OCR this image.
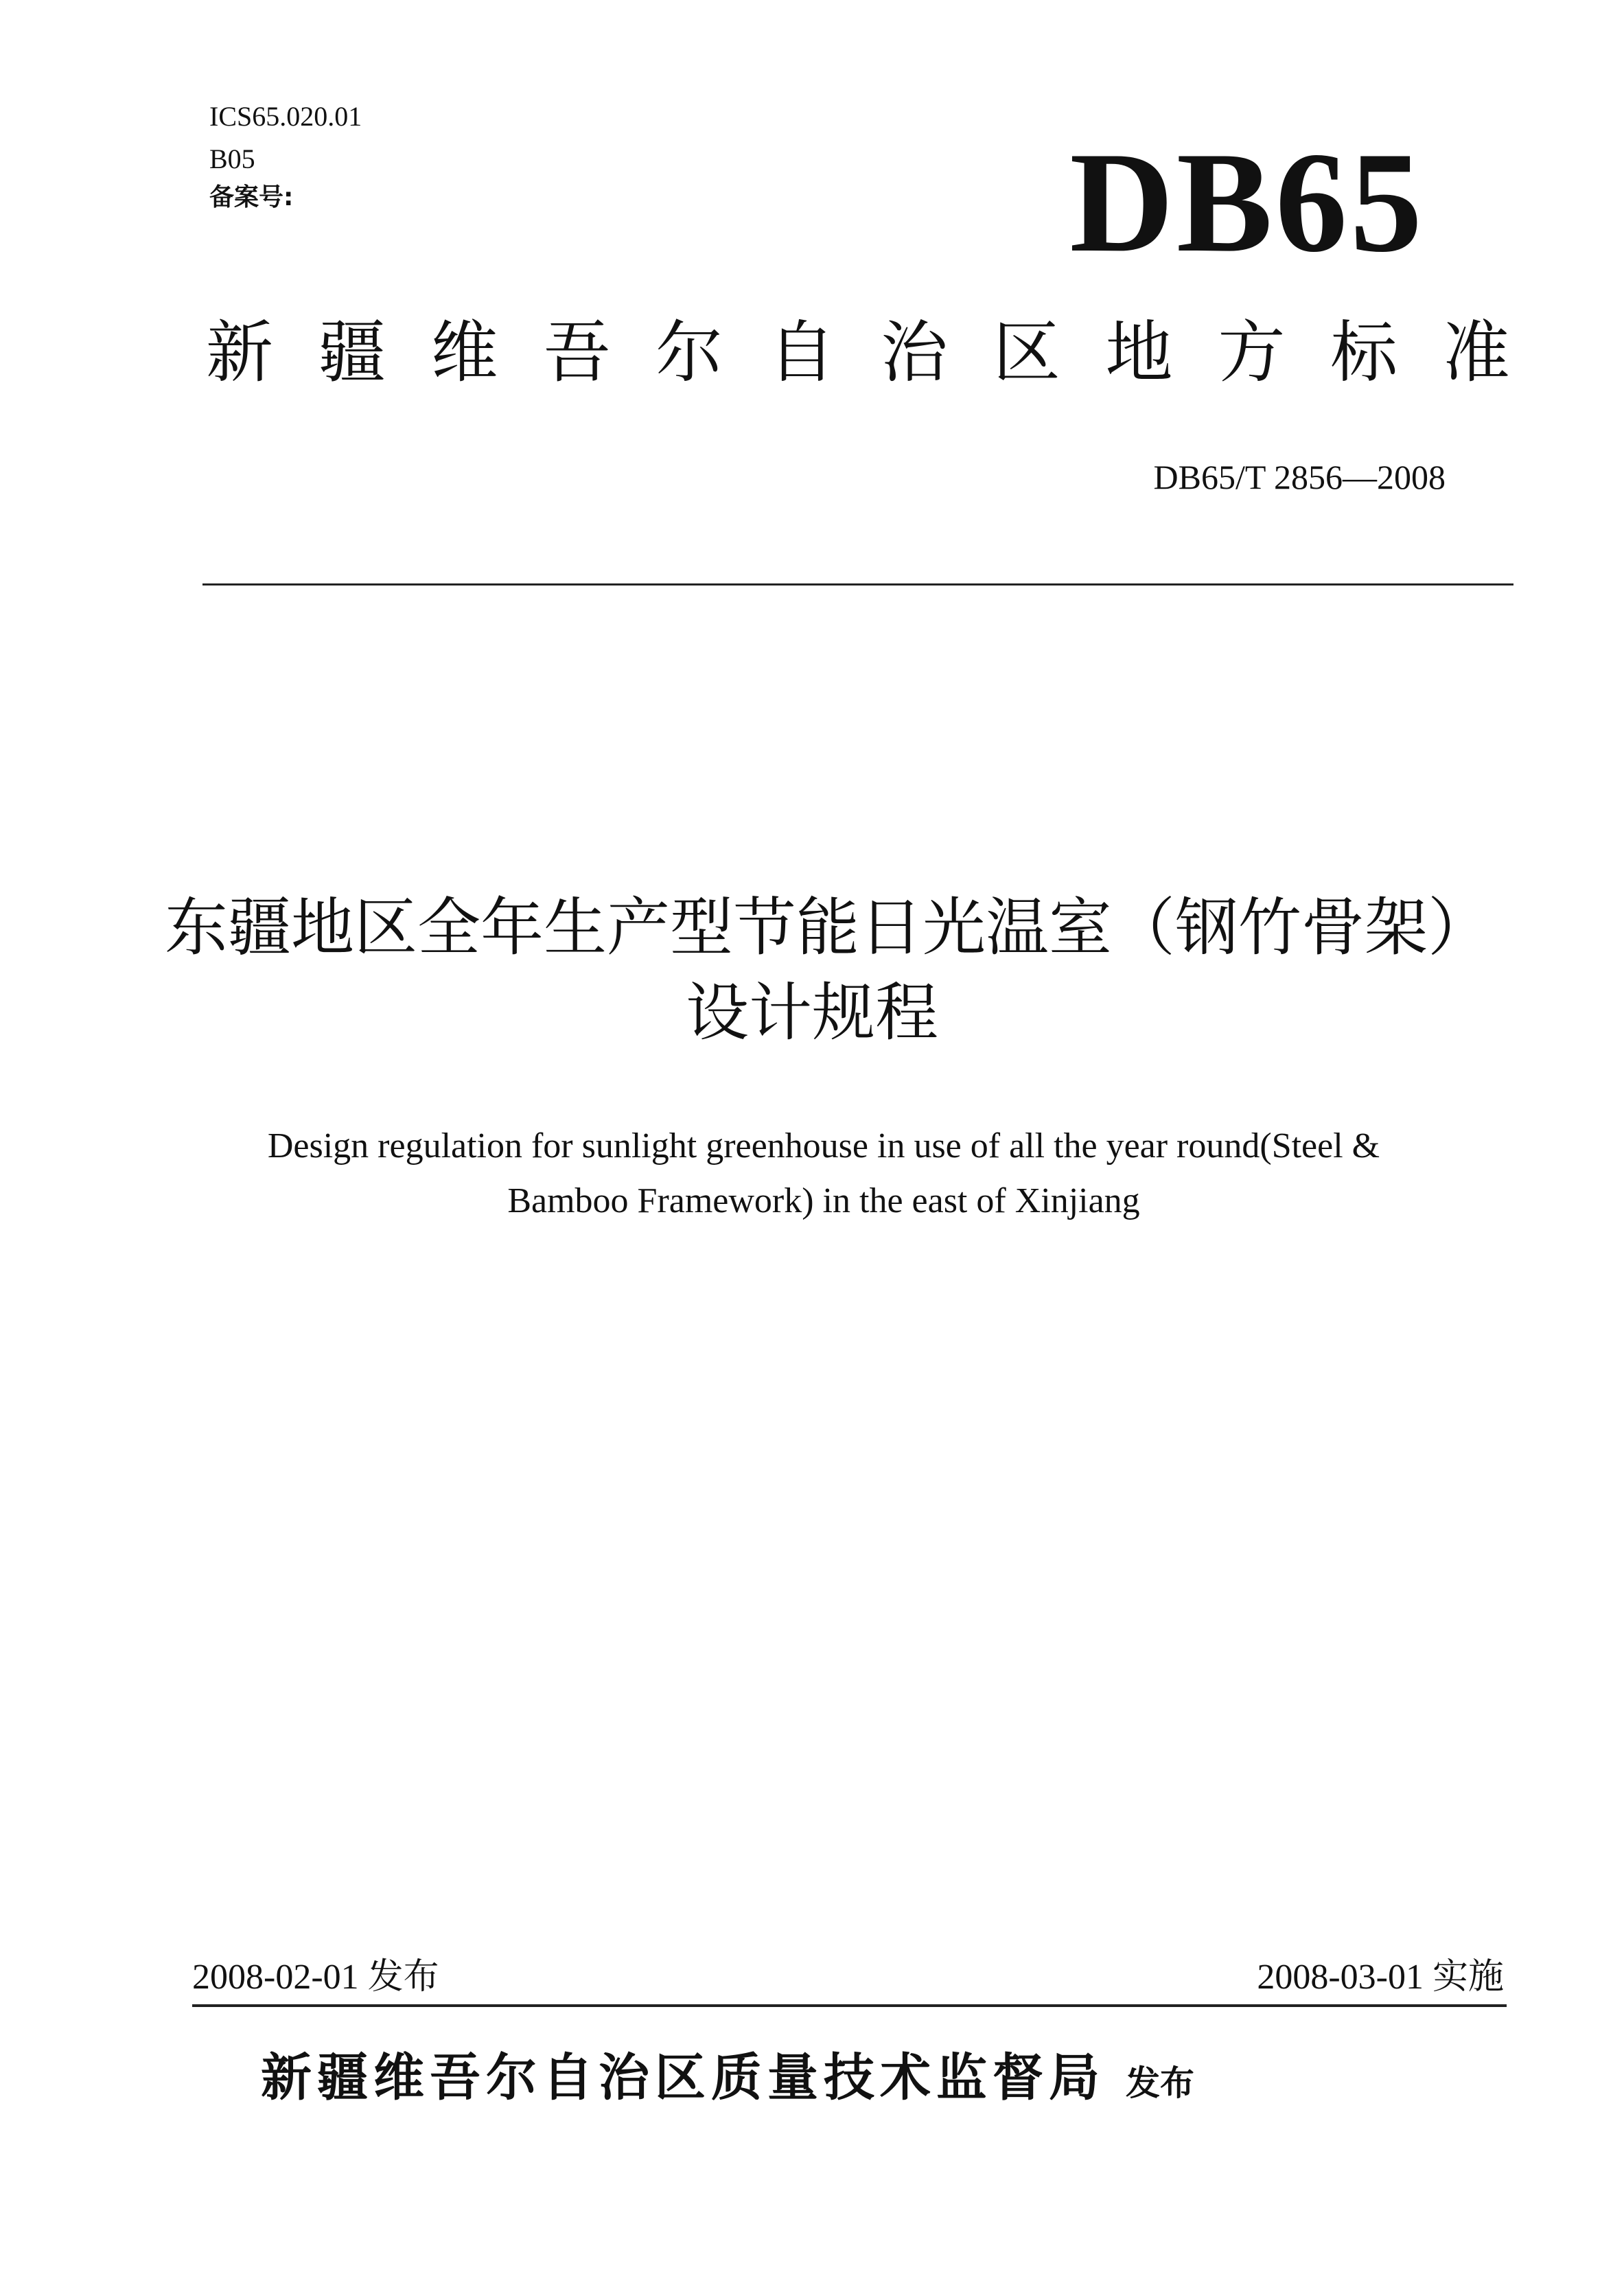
ICS65.020.01
B05
备案号:	DB65
新疆维吾尔自治区地方标准
DB65/T 2856—2008
东疆地区全年生产型节能日光温室（钢竹骨架）设计规程
Design regulation for sunlight greenhouse in use of all the year round(Steel & Bamboo Framework) in the east of Xinjiang
2008-02-01 发布	2008-03-01 实施
新疆维吾尔自治区质量技术监督局 发布
